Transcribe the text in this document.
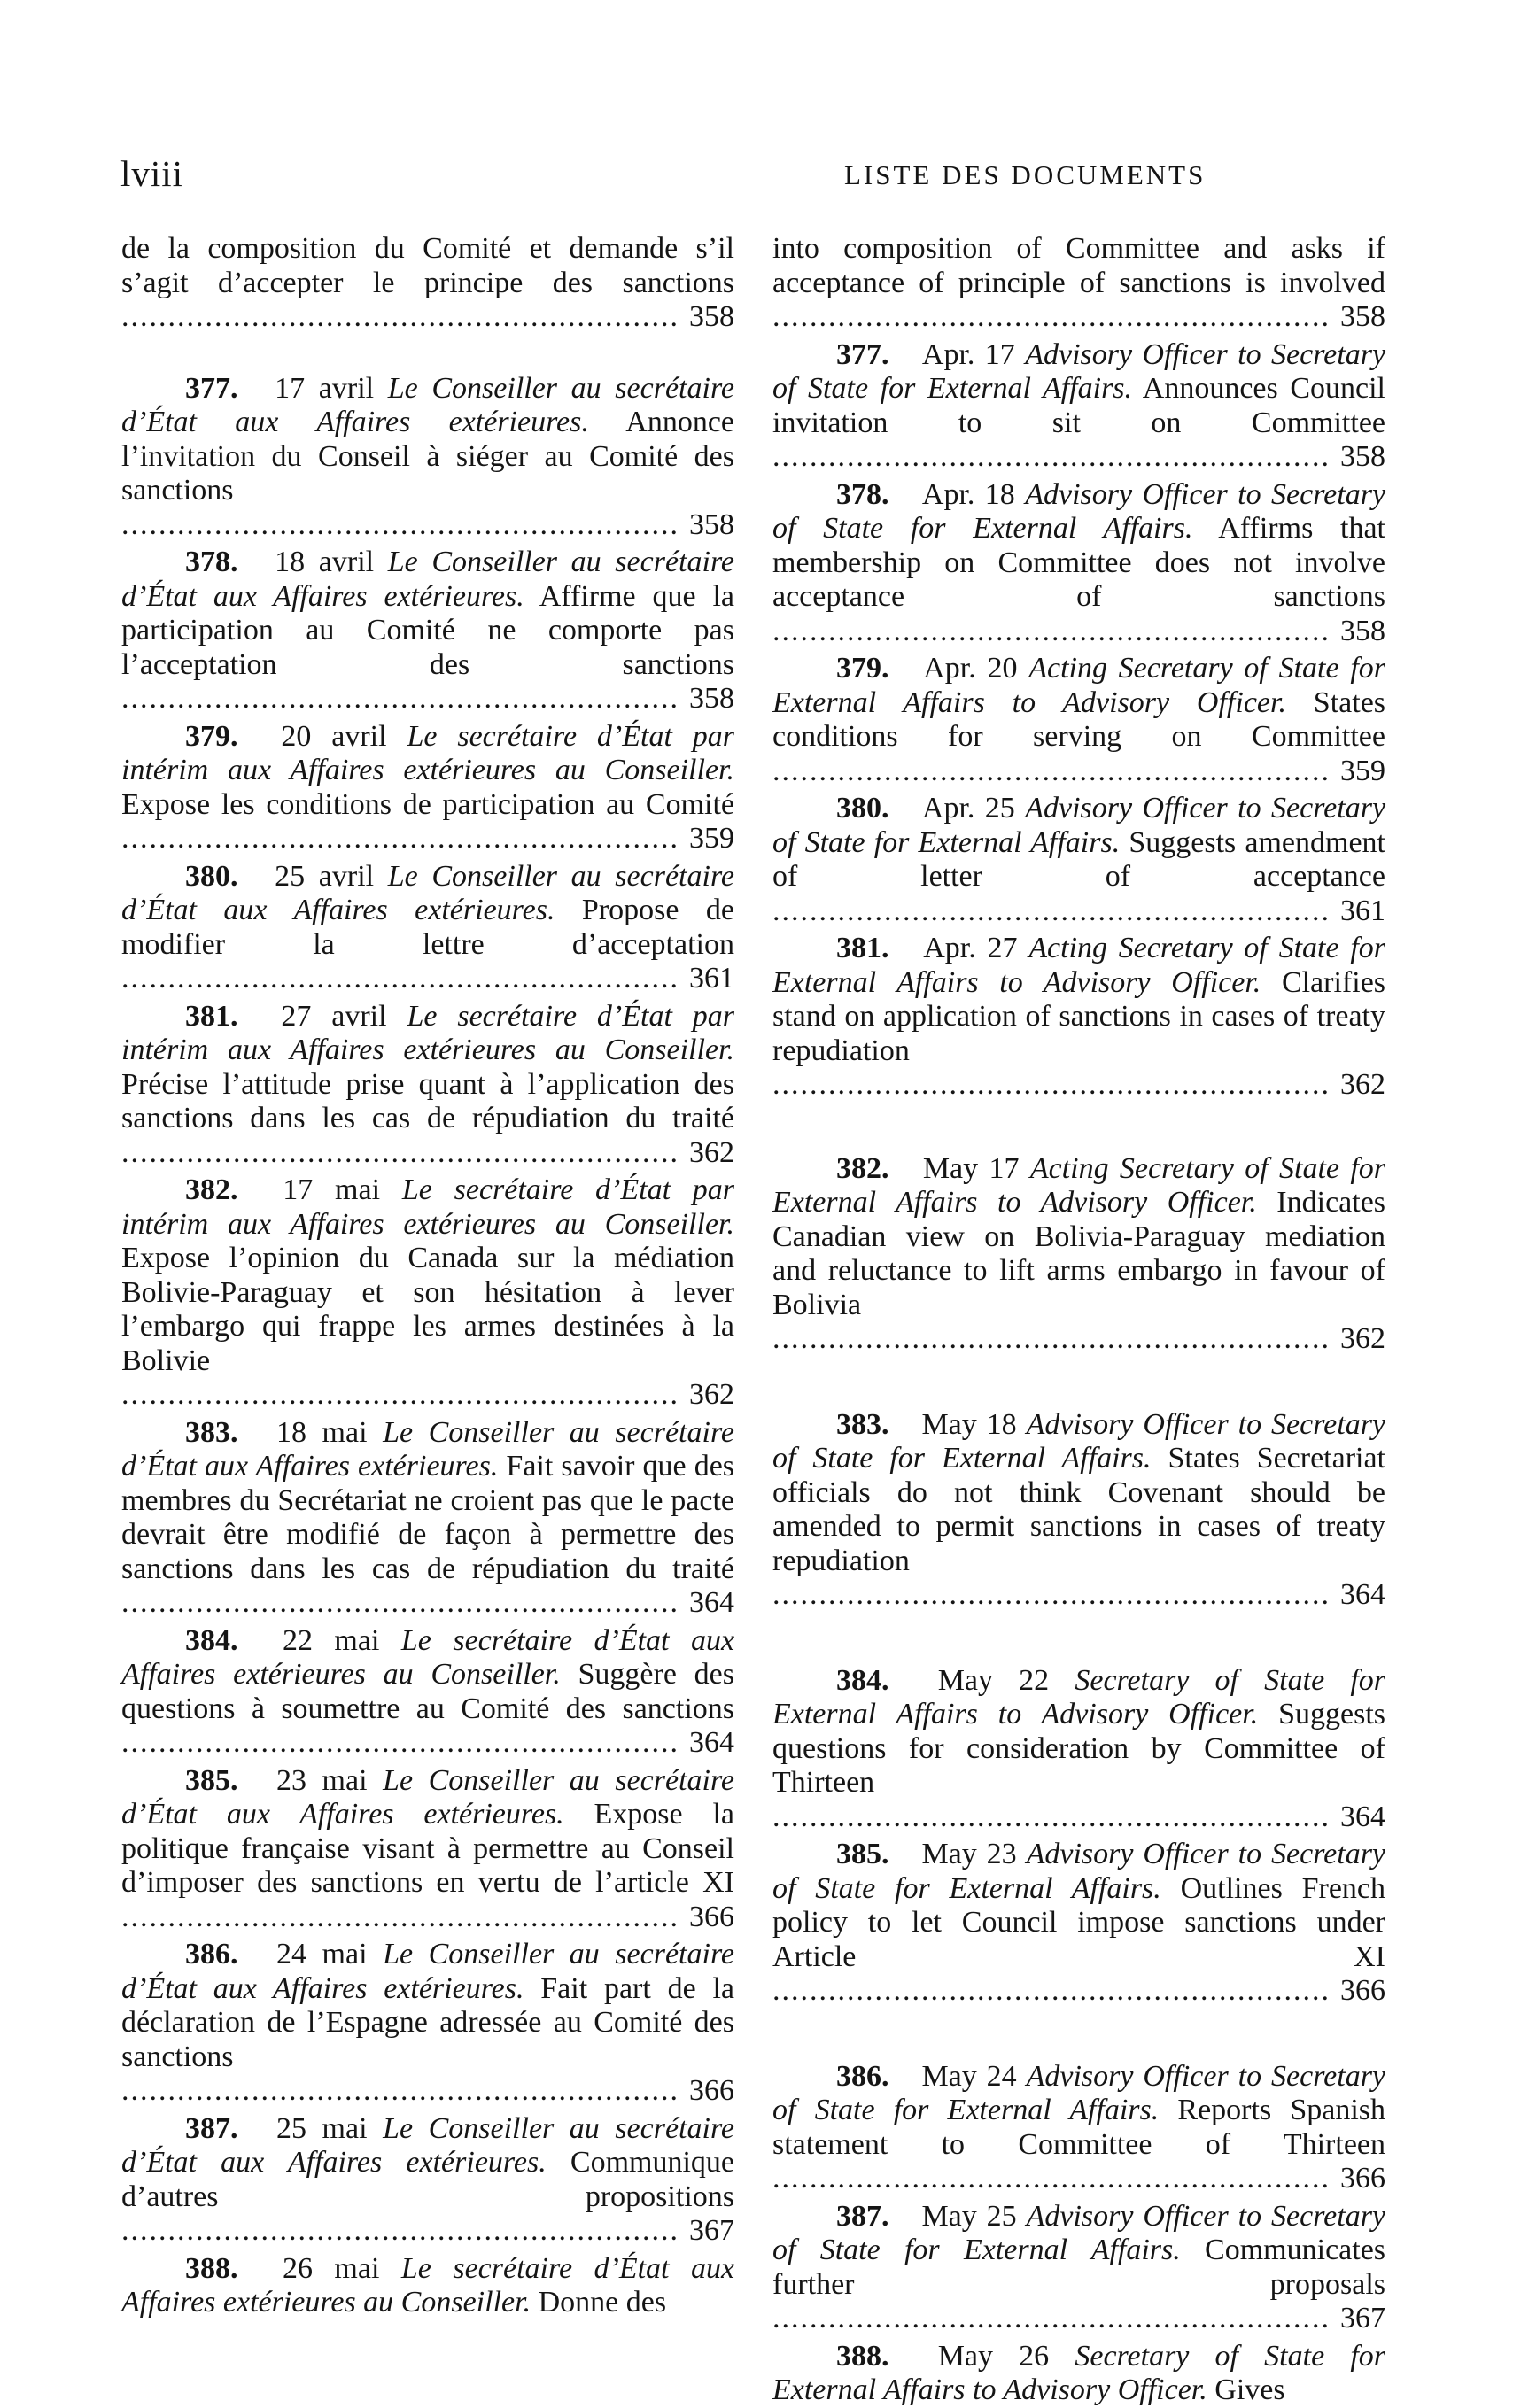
lviii	LISTE DES DOCUMENTS

de la composition du Comité et demande s’il s’agit d’accepter le principe des sanctions ............................................................ 358

377. 17 avril Le Conseiller au secrétaire d’État aux Affaires extérieures. Annonce l’invitation du Conseil à siéger au Comité des sanctions ............................................................ 358

378. 18 avril Le Conseiller au secrétaire d’État aux Affaires extérieures. Affirme que la participation au Comité ne comporte pas l’acceptation des sanctions ............................................................ 358

379. 20 avril Le secrétaire d’État par intérim aux Affaires extérieures au Conseiller. Expose les conditions de participation au Comité ............................................................ 359

380. 25 avril Le Conseiller au secrétaire d’État aux Affaires extérieures. Propose de modifier la lettre d’acceptation ............................................................ 361

381. 27 avril Le secrétaire d’État par intérim aux Affaires extérieures au Conseiller. Précise l’attitude prise quant à l’application des sanctions dans les cas de répudiation du traité ............................................................ 362

382. 17 mai Le secrétaire d’État par intérim aux Affaires extérieures au Conseiller. Expose l’opinion du Canada sur la médiation Bolivie-Paraguay et son hésitation à lever l’embargo qui frappe les armes destinées à la Bolivie ............................................................ 362

383. 18 mai Le Conseiller au secrétaire d’État aux Affaires extérieures. Fait savoir que des membres du Secrétariat ne croient pas que le pacte devrait être modifié de façon à permettre des sanctions dans les cas de répudiation du traité ............................................................ 364

384. 22 mai Le secrétaire d’État aux Affaires extérieures au Conseiller. Suggère des questions à soumettre au Comité des sanctions ............................................................ 364

385. 23 mai Le Conseiller au secrétaire d’État aux Affaires extérieures. Expose la politique française visant à permettre au Conseil d’imposer des sanctions en vertu de l’article XI ............................................................ 366

386. 24 mai Le Conseiller au secrétaire d’État aux Affaires extérieures. Fait part de la déclaration de l’Espagne adressée au Comité des sanctions ............................................................ 366

387. 25 mai Le Conseiller au secrétaire d’État aux Affaires extérieures. Communique d’autres propositions ............................................................ 367

388. 26 mai Le secrétaire d’État aux Affaires extérieures au Conseiller. Donne des

into composition of Committee and asks if acceptance of principle of sanctions is involved ............................................................ 358

377. Apr. 17 Advisory Officer to Secretary of State for External Affairs. Announces Council invitation to sit on Committee ............................................................ 358

378. Apr. 18 Advisory Officer to Secretary of State for External Affairs. Affirms that membership on Committee does not involve acceptance of sanctions ............................................................ 358

379. Apr. 20 Acting Secretary of State for External Affairs to Advisory Officer. States conditions for serving on Committee ............................................................ 359

380. Apr. 25 Advisory Officer to Secretary of State for External Affairs. Suggests amendment of letter of acceptance ............................................................ 361

381. Apr. 27 Acting Secretary of State for External Affairs to Advisory Officer. Clarifies stand on application of sanctions in cases of treaty repudiation ............................................................ 362

382. May 17 Acting Secretary of State for External Affairs to Advisory Officer. Indicates Canadian view on Bolivia-Paraguay mediation and reluctance to lift arms embargo in favour of Bolivia ............................................................ 362

383. May 18 Advisory Officer to Secretary of State for External Affairs. States Secretariat officials do not think Covenant should be amended to permit sanctions in cases of treaty repudiation ............................................................ 364

384. May 22 Secretary of State for External Affairs to Advisory Officer. Suggests questions for consideration by Committee of Thirteen ............................................................ 364

385. May 23 Advisory Officer to Secretary of State for External Affairs. Outlines French policy to let Council impose sanctions under Article XI ............................................................ 366

386. May 24 Advisory Officer to Secretary of State for External Affairs. Reports Spanish statement to Committee of Thirteen ............................................................ 366

387. May 25 Advisory Officer to Secretary of State for External Affairs. Communicates further proposals ............................................................ 367

388. May 26 Secretary of State for External Affairs to Advisory Officer. Gives
